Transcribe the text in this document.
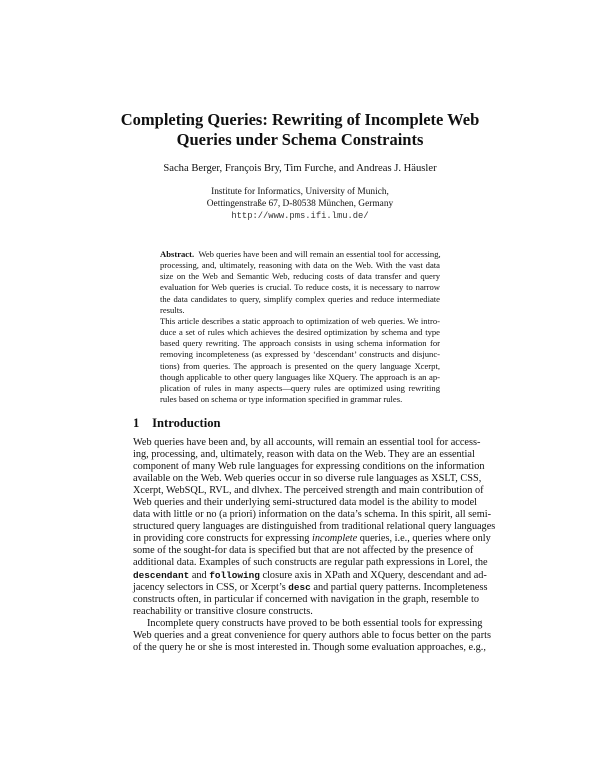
Completing Queries: Rewriting of Incomplete Web
Queries under Schema Constraints
Sacha Berger, François Bry, Tim Furche, and Andreas J. Häusler
Institute for Informatics, University of Munich,
Oettingenstraße 67, D-80538 München, Germany
http://www.pms.ifi.lmu.de/
Abstract. Web queries have been and will remain an essential tool for accessing,
processing, and, ultimately, reasoning with data on the Web. With the vast data
size on the Web and Semantic Web, reducing costs of data transfer and query
evaluation for Web queries is crucial. To reduce costs, it is necessary to narrow
the data candidates to query, simplify complex queries and reduce intermediate
results.
This article describes a static approach to optimization of web queries. We intro-
duce a set of rules which achieves the desired optimization by schema and type
based query rewriting. The approach consists in using schema information for
removing incompleteness (as expressed by ‘descendant’ constructs and disjunc-
tions) from queries. The approach is presented on the query language Xcerpt,
though applicable to other query languages like XQuery. The approach is an ap-
plication of rules in many aspects—query rules are optimized using rewriting
rules based on schema or type information specified in grammar rules.
1 Introduction
Web queries have been and, by all accounts, will remain an essential tool for access-
ing, processing, and, ultimately, reason with data on the Web. They are an essential
component of many Web rule languages for expressing conditions on the information
available on the Web. Web queries occur in so diverse rule languages as XSLT, CSS,
Xcerpt, WebSQL, RVL, and dlvhex. The perceived strength and main contribution of
Web queries and their underlying semi-structured data model is the ability to model
data with little or no (a priori) information on the data’s schema. In this spirit, all semi-
structured query languages are distinguished from traditional relational query languages
in providing core constructs for expressing incomplete queries, i.e., queries where only
some of the sought-for data is specified but that are not affected by the presence of
additional data. Examples of such constructs are regular path expressions in Lorel, the
descendant and following closure axis in XPath and XQuery, descendant and ad-
jacency selectors in CSS, or Xcerpt’s desc and partial query patterns. Incompleteness
constructs often, in particular if concerned with navigation in the graph, resemble to
reachability or transitive closure constructs.
Incomplete query constructs have proved to be both essential tools for expressing
Web queries and a great convenience for query authors able to focus better on the parts
of the query he or she is most interested in. Though some evaluation approaches, e.g.,
